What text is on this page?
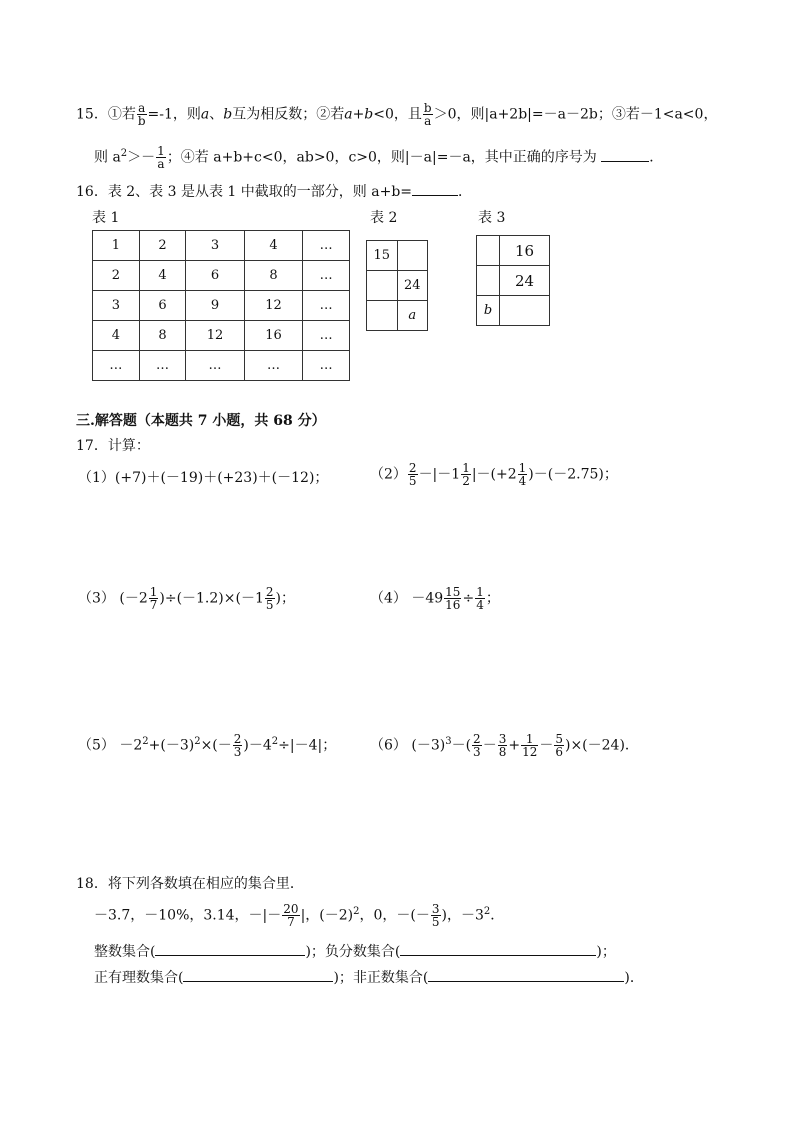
15．①若 $\frac{a}{b} =-1$，则a、b互为相反数；②若a+b<0，且 $\frac{b}{a} >0$，则|a+2b|=－a－2b；③若－1<a<0，
则 $a^2>- \frac{1}{a}$ ；④若 a+b+c<0，ab>0，c>0，则|－a|=－a，其中正确的序号为	．
16．表 2、表 3 是从表 1 中截取的一部分，则 a+b=	．
表 1	表 2	表 3
1	2	3	4	…
2	4	6	8	…
3	6	9	12	…
4	8	12	16	…
…	…	…	…	…
15	
	24
	a
	16
	24
b	
三.解答题（本题共 7 小题，共 68 分）
17．计算：
（1）(+7)＋(－19)＋(+23)＋(－12)；	$(2) \frac{2}{5} -|-1 \frac{1}{2} |-(+2 \frac{1}{4} )-(-2.75)$；
（3） $(-2 \frac{1}{7} )\div(-1.2)\times(-1 \frac{2}{5}$ )；	$(4) -49 \frac{15}{16} \div \frac{1}{4}$ ；
$(5) -2^2+(-3)^2\times(- \frac{2}{3} )-4^2\div|-4|$； （6） $(-3)^3-( \frac{2}{3} - \frac{3}{8} + \frac{1}{12} - \frac{5}{6} )\times(-24)$．
18．将下列各数填在相应的集合里．
－3.7，－10%，3.14，－|－ $\frac{20}{7}$ |，$(-2)^2$，0，－(－ $\frac{3}{5}$ )，$-3^2$．
整数集合(	)；负分数集合(	)；
正有理数集合(	)；非正数集合(	)．
